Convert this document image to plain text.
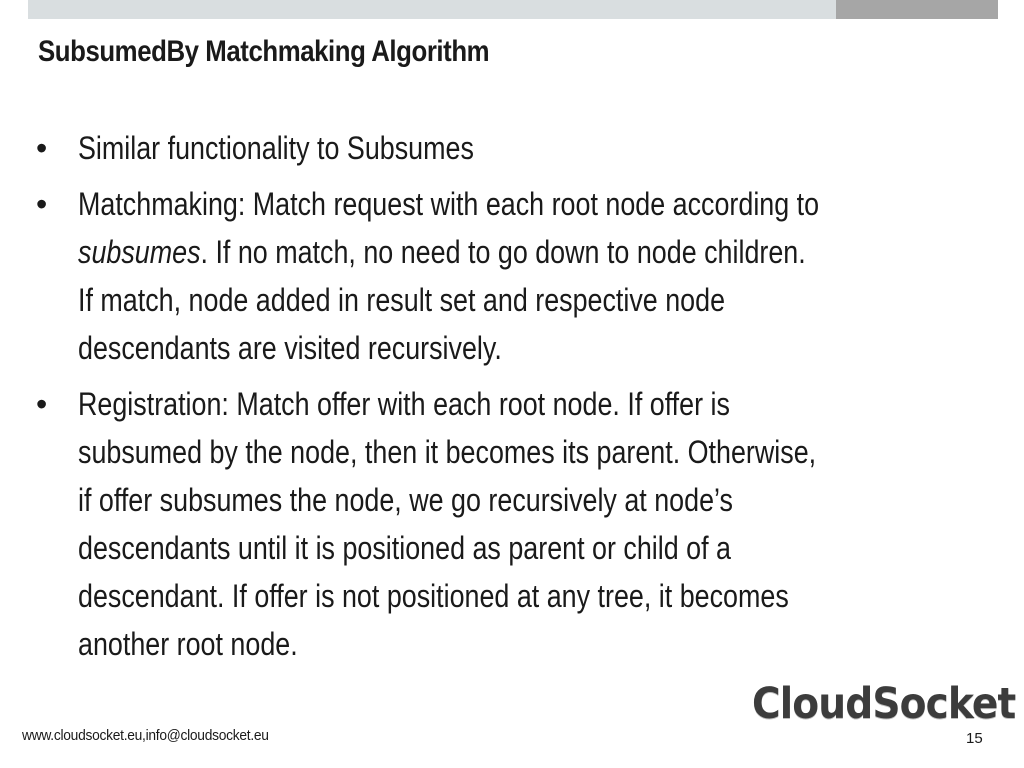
SubsumedBy Matchmaking Algorithm
• Similar functionality to Subsumes
• Matchmaking: Match request with each root node according to
subsumes. If no match, no need to go down to node children.
If match, node added in result set and respective node
descendants are visited recursively.
• Registration: Match offer with each root node. If offer is
subsumed by the node, then it becomes its parent. Otherwise,
if offer subsumes the node, we go recursively at node’s
descendants until it is positioned as parent or child of a
descendant. If offer is not positioned at any tree, it becomes
another root node.
CloudSocket
www.cloudsocket.eu,info@cloudsocket.eu	15
